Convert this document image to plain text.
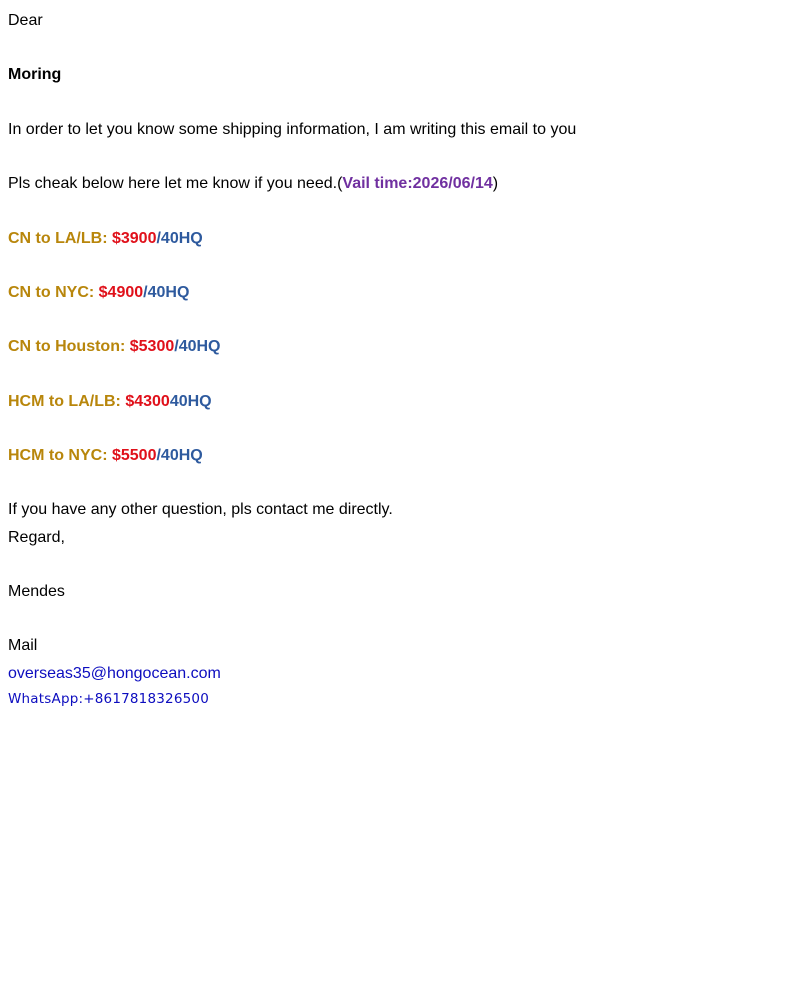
Dear
Moring
In order to let you know some shipping information, I am writing this email to you
Pls cheak below here let me know if you need.(Vail time:2026/06/14)
CN to LA/LB: $3900/40HQ
CN to NYC: $4900/40HQ
CN to Houston: $5300/40HQ
HCM to LA/LB: $430040HQ
HCM to NYC: $5500/40HQ
If you have any other question, pls contact me directly.
Regard,
Mendes
Mail
overseas35@hongocean.com
WhatsApp:+8617818326500
